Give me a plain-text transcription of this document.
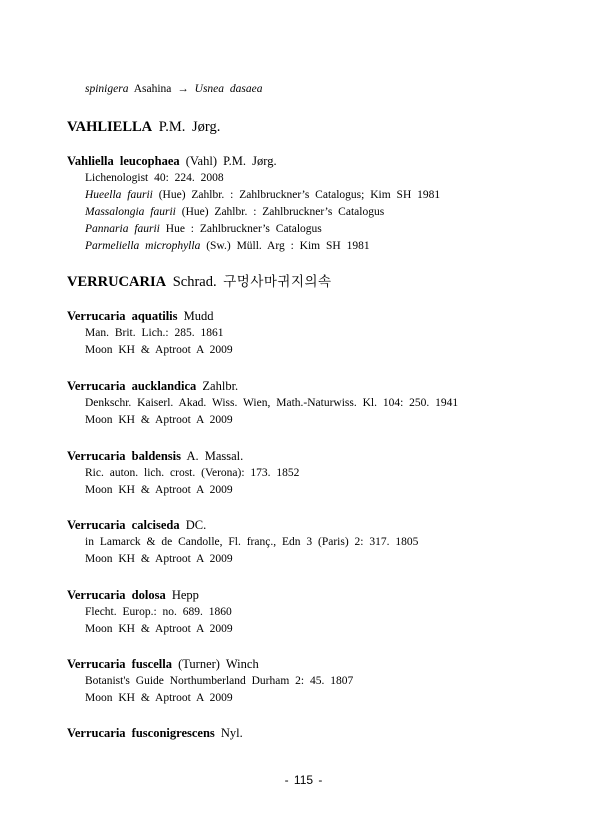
spinigera Asahina → Usnea dasaea
VAHLIELLA P.M. Jørg.
Vahliella leucophaea (Vahl) P.M. Jørg.
Lichenologist 40: 224. 2008
Hueella faurii (Hue) Zahlbr. : Zahlbruckner’s Catalogus; Kim SH 1981
Massalongia faurii (Hue) Zahlbr. : Zahlbruckner’s Catalogus
Pannaria faurii Hue : Zahlbruckner’s Catalogus
Parmeliella microphylla (Sw.) Müll. Arg : Kim SH 1981
VERRUCARIA Schrad. 구멍사마귀지의속
Verrucaria aquatilis Mudd
Man. Brit. Lich.: 285. 1861
Moon KH & Aptroot A 2009
Verrucaria aucklandica Zahlbr.
Denkschr. Kaiserl. Akad. Wiss. Wien, Math.-Naturwiss. Kl. 104: 250. 1941
Moon KH & Aptroot A 2009
Verrucaria baldensis A. Massal.
Ric. auton. lich. crost. (Verona): 173. 1852
Moon KH & Aptroot A 2009
Verrucaria calciseda DC.
in Lamarck & de Candolle, Fl. franç., Edn 3 (Paris) 2: 317. 1805
Moon KH & Aptroot A 2009
Verrucaria dolosa Hepp
Flecht. Europ.: no. 689. 1860
Moon KH & Aptroot A 2009
Verrucaria fuscella (Turner) Winch
Botanist's Guide Northumberland Durham 2: 45. 1807
Moon KH & Aptroot A 2009
Verrucaria fusconigrescens Nyl.
- 115 -
